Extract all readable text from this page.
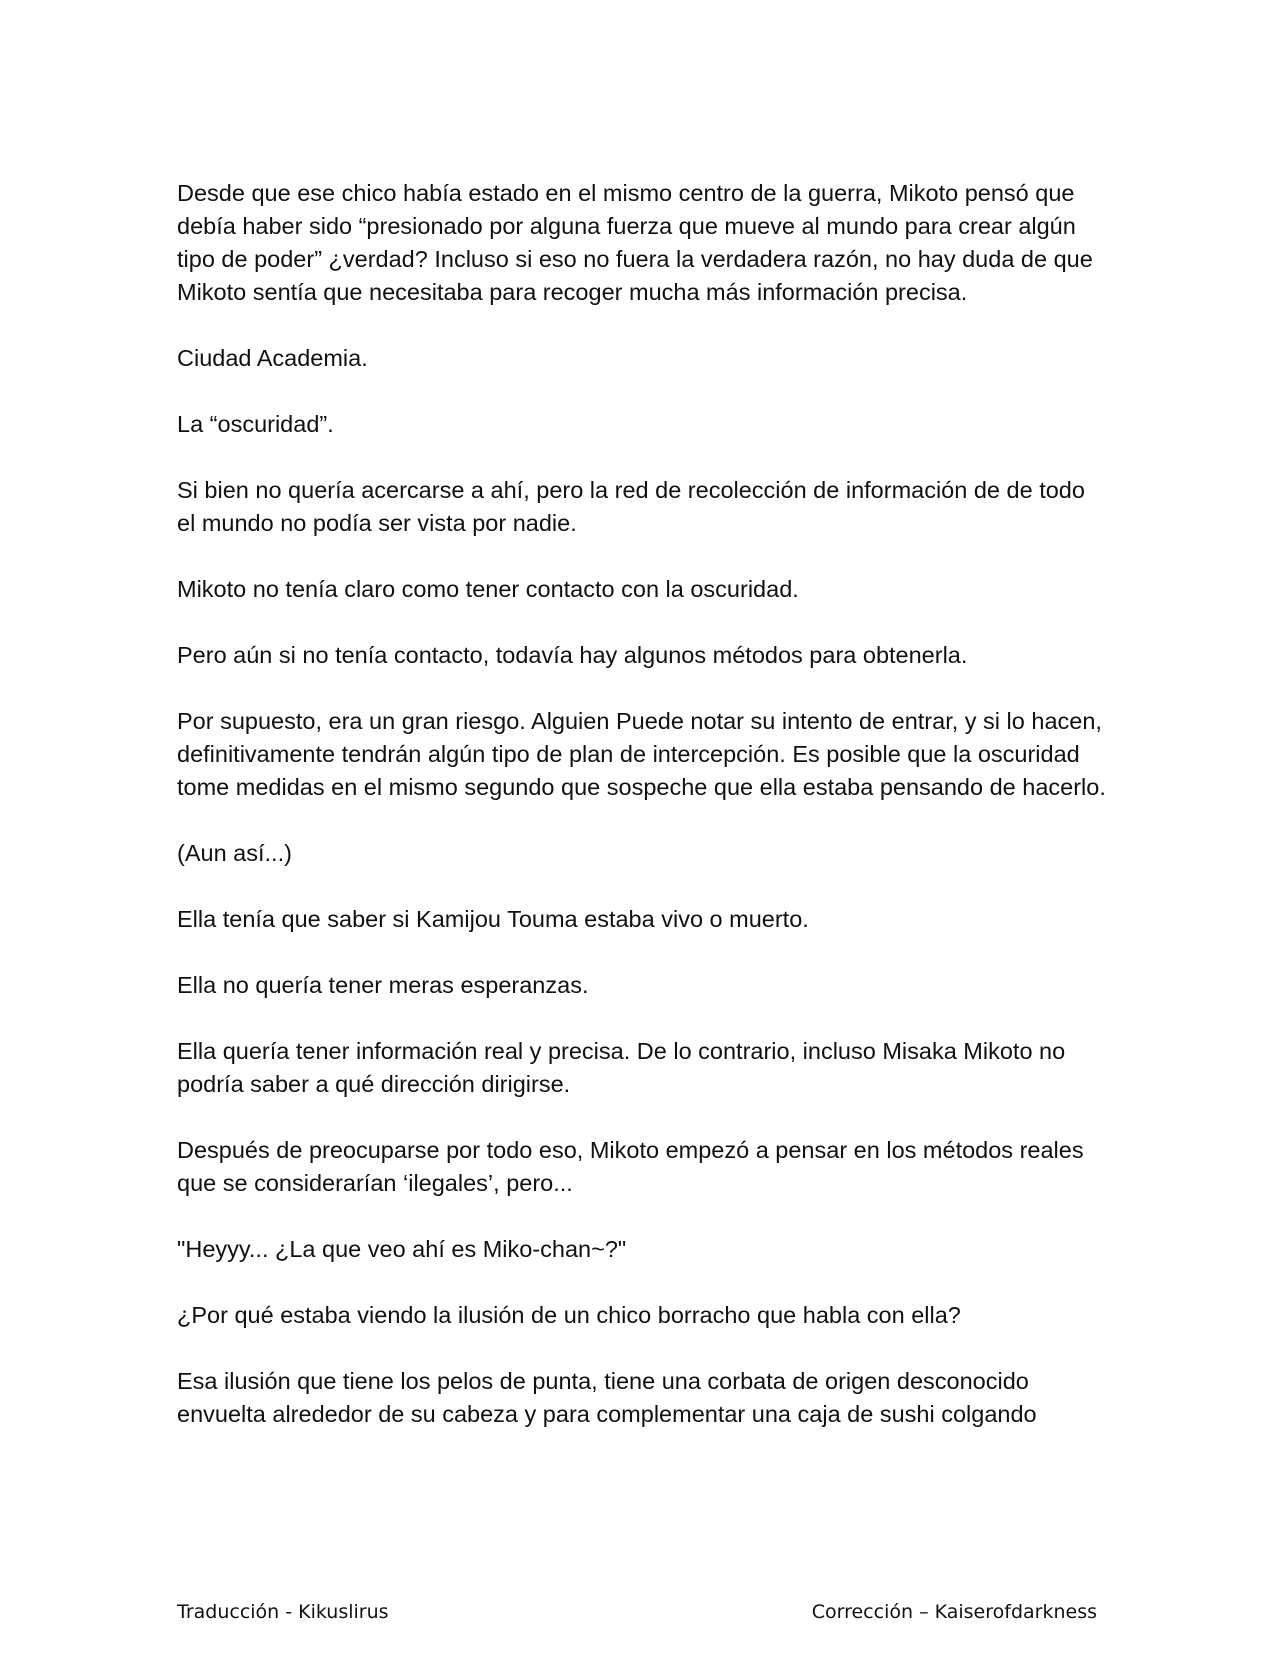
Desde que ese chico había estado en el mismo centro de la guerra, Mikoto pensó que debía haber sido “presionado por alguna fuerza que mueve al mundo para crear algún tipo de poder” ¿verdad? Incluso si eso no fuera la verdadera razón, no hay duda de que Mikoto sentía que necesitaba para recoger mucha más información precisa.

Ciudad Academia.

La “oscuridad”.

Si bien no quería acercarse a ahí, pero la red de recolección de información de de todo el mundo no podía ser vista por nadie.

Mikoto no tenía claro como tener contacto con la oscuridad.

Pero aún si no tenía contacto, todavía hay algunos métodos para obtenerla.

Por supuesto, era un gran riesgo. Alguien Puede notar su intento de entrar, y si lo hacen, definitivamente tendrán algún tipo de plan de intercepción. Es posible que la oscuridad tome medidas en el mismo segundo que sospeche que ella estaba pensando de hacerlo.

(Aun así...)

Ella tenía que saber si Kamijou Touma estaba vivo o muerto.

Ella no quería tener meras esperanzas.

Ella quería tener información real y precisa. De lo contrario, incluso Misaka Mikoto no podría saber a qué dirección dirigirse.

Después de preocuparse por todo eso, Mikoto empezó a pensar en los métodos reales que se considerarían ‘ilegales’, pero...

"Heyyy... ¿La que veo ahí es Miko-chan~?"

¿Por qué estaba viendo la ilusión de un chico borracho que habla con ella?

Esa ilusión que tiene los pelos de punta, tiene una corbata de origen desconocido envuelta alrededor de su cabeza y para complementar una caja de sushi colgando

Traducción - Kikuslirus	Corrección – Kaiserofdarkness
